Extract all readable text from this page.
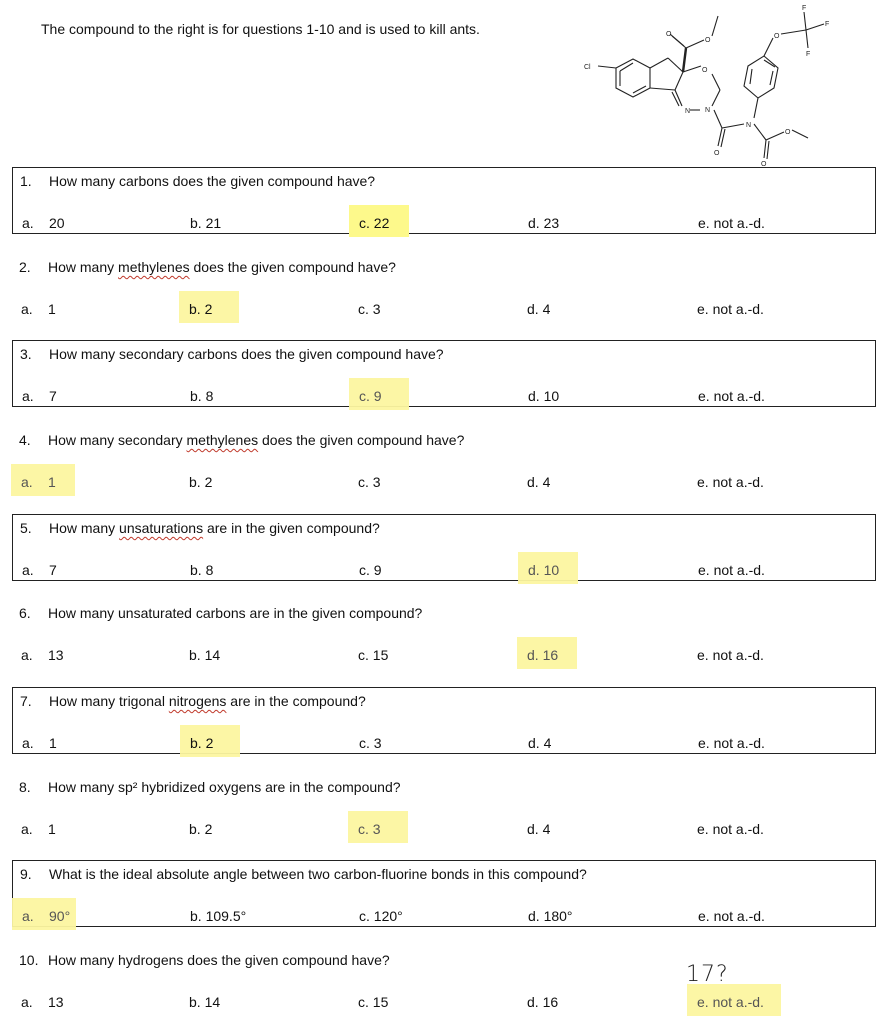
The compound to the right is for questions 1-10 and is used to kill ants.
Cl	O
O
O
N N
N
O
O
O
O
F
F
F
1. How many carbons does the given compound have?
a. 20	b. 21	c. 22	d. 23	e. not a.-d.
2. How many methylenes does the given compound have?
a. 1	b. 2	c. 3	d. 4	e. not a.-d.
3. How many secondary carbons does the given compound have?
a. 7	b. 8	c. 9	d. 10	e. not a.-d.
4. How many secondary methylenes does the given compound have?
a. 1	b. 2	c. 3	d. 4	e. not a.-d.
5. How many unsaturations are in the given compound?
a. 7	b. 8	c. 9	d. 10	e. not a.-d.
6. How many unsaturated carbons are in the given compound?
a. 13	b. 14	c. 15	d. 16	e. not a.-d.
7. How many trigonal nitrogens are in the compound?
a. 1	b. 2	c. 3	d. 4	e. not a.-d.
8. How many sp² hybridized oxygens are in the compound?
a. 1	b. 2	c. 3	d. 4	e. not a.-d.
9. What is the ideal absolute angle between two carbon-fluorine bonds in this compound?
a. 90°	b. 109.5°	c. 120°	d. 180°	e. not a.-d.
10. How many hydrogens does the given compound have?
a. 13	b. 14	c. 15	d. 16	e. not a.-d.
17?
